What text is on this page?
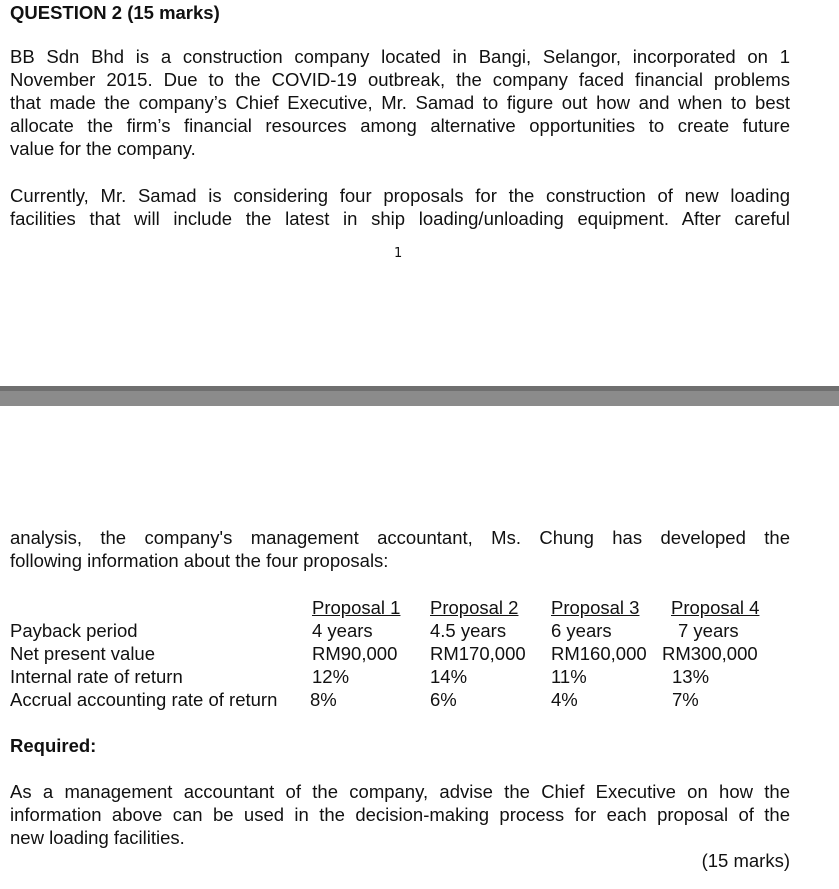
QUESTION 2 (15 marks)

BB Sdn Bhd is a construction company located in Bangi, Selangor, incorporated on 1

November 2015. Due to the COVID-19 outbreak, the company faced financial problems

that made the company’s Chief Executive, Mr. Samad to figure out how and when to best

allocate the firm’s financial resources among alternative opportunities to create future

value for the company.

Currently, Mr. Samad is considering four proposals for the construction of new loading

facilities that will include the latest in ship loading/unloading equipment. After careful

1

analysis, the company's management accountant, Ms. Chung has developed the

following information about the four proposals:

Proposal 1 Proposal 2 Proposal 3 Proposal 4
Payback period	4 years	4.5 years 6 years	7 years
Net present value	RM90,000 RM170,000 RM160,000 RM300,000
Internal rate of return	12%	14%	11%	13%
Accrual accounting rate of return 8%	6%	4%	7%
Required:

As a management accountant of the company, advise the Chief Executive on how the

information above can be used in the decision-making process for each proposal of the

new loading facilities.

(15 marks)
